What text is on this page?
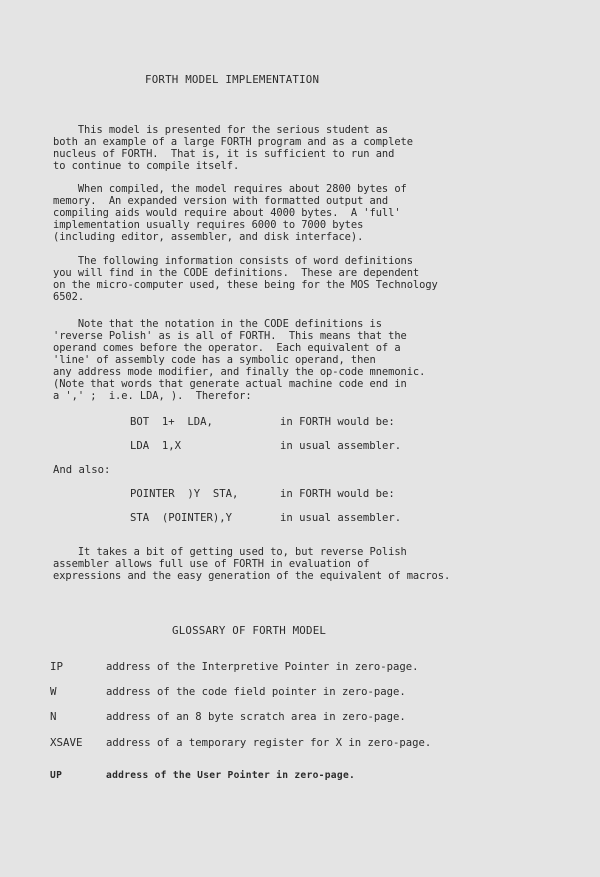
FORTH MODEL IMPLEMENTATION
This model is presented for the serious student as
both an example of a large FORTH program and as a complete
nucleus of FORTH.  That is, it is sufficient to run and
to continue to compile itself.
When compiled, the model requires about 2800 bytes of
memory.  An expanded version with formatted output and
compiling aids would require about 4000 bytes.  A 'full'
implementation usually requires 6000 to 7000 bytes
(including editor, assembler, and disk interface).
The following information consists of word definitions
you will find in the CODE definitions.  These are dependent
on the micro-computer used, these being for the MOS Technology
6502.
Note that the notation in the CODE definitions is
'reverse Polish' as is all of FORTH.  This means that the
operand comes before the operator.  Each equivalent of a
'line' of assembly code has a symbolic operand, then
any address mode modifier, and finally the op-code mnemonic.
(Note that words that generate actual machine code end in
a ',' ;  i.e. LDA, ).  Therefor:
BOT  1+  LDA,	in FORTH would be:
LDA  1,X	in usual assembler.
And also:
POINTER  )Y  STA,	in FORTH would be:
STA  (POINTER),Y	in usual assembler.
It takes a bit of getting used to, but reverse Polish
assembler allows full use of FORTH in evaluation of
expressions and the easy generation of the equivalent of macros.
GLOSSARY OF FORTH MODEL
IP	address of the Interpretive Pointer in zero-page.
W	address of the code field pointer in zero-page.
N	address of an 8 byte scratch area in zero-page.
XSAVE address of a temporary register for X in zero-page.
UP	address of the User Pointer in zero-page.
